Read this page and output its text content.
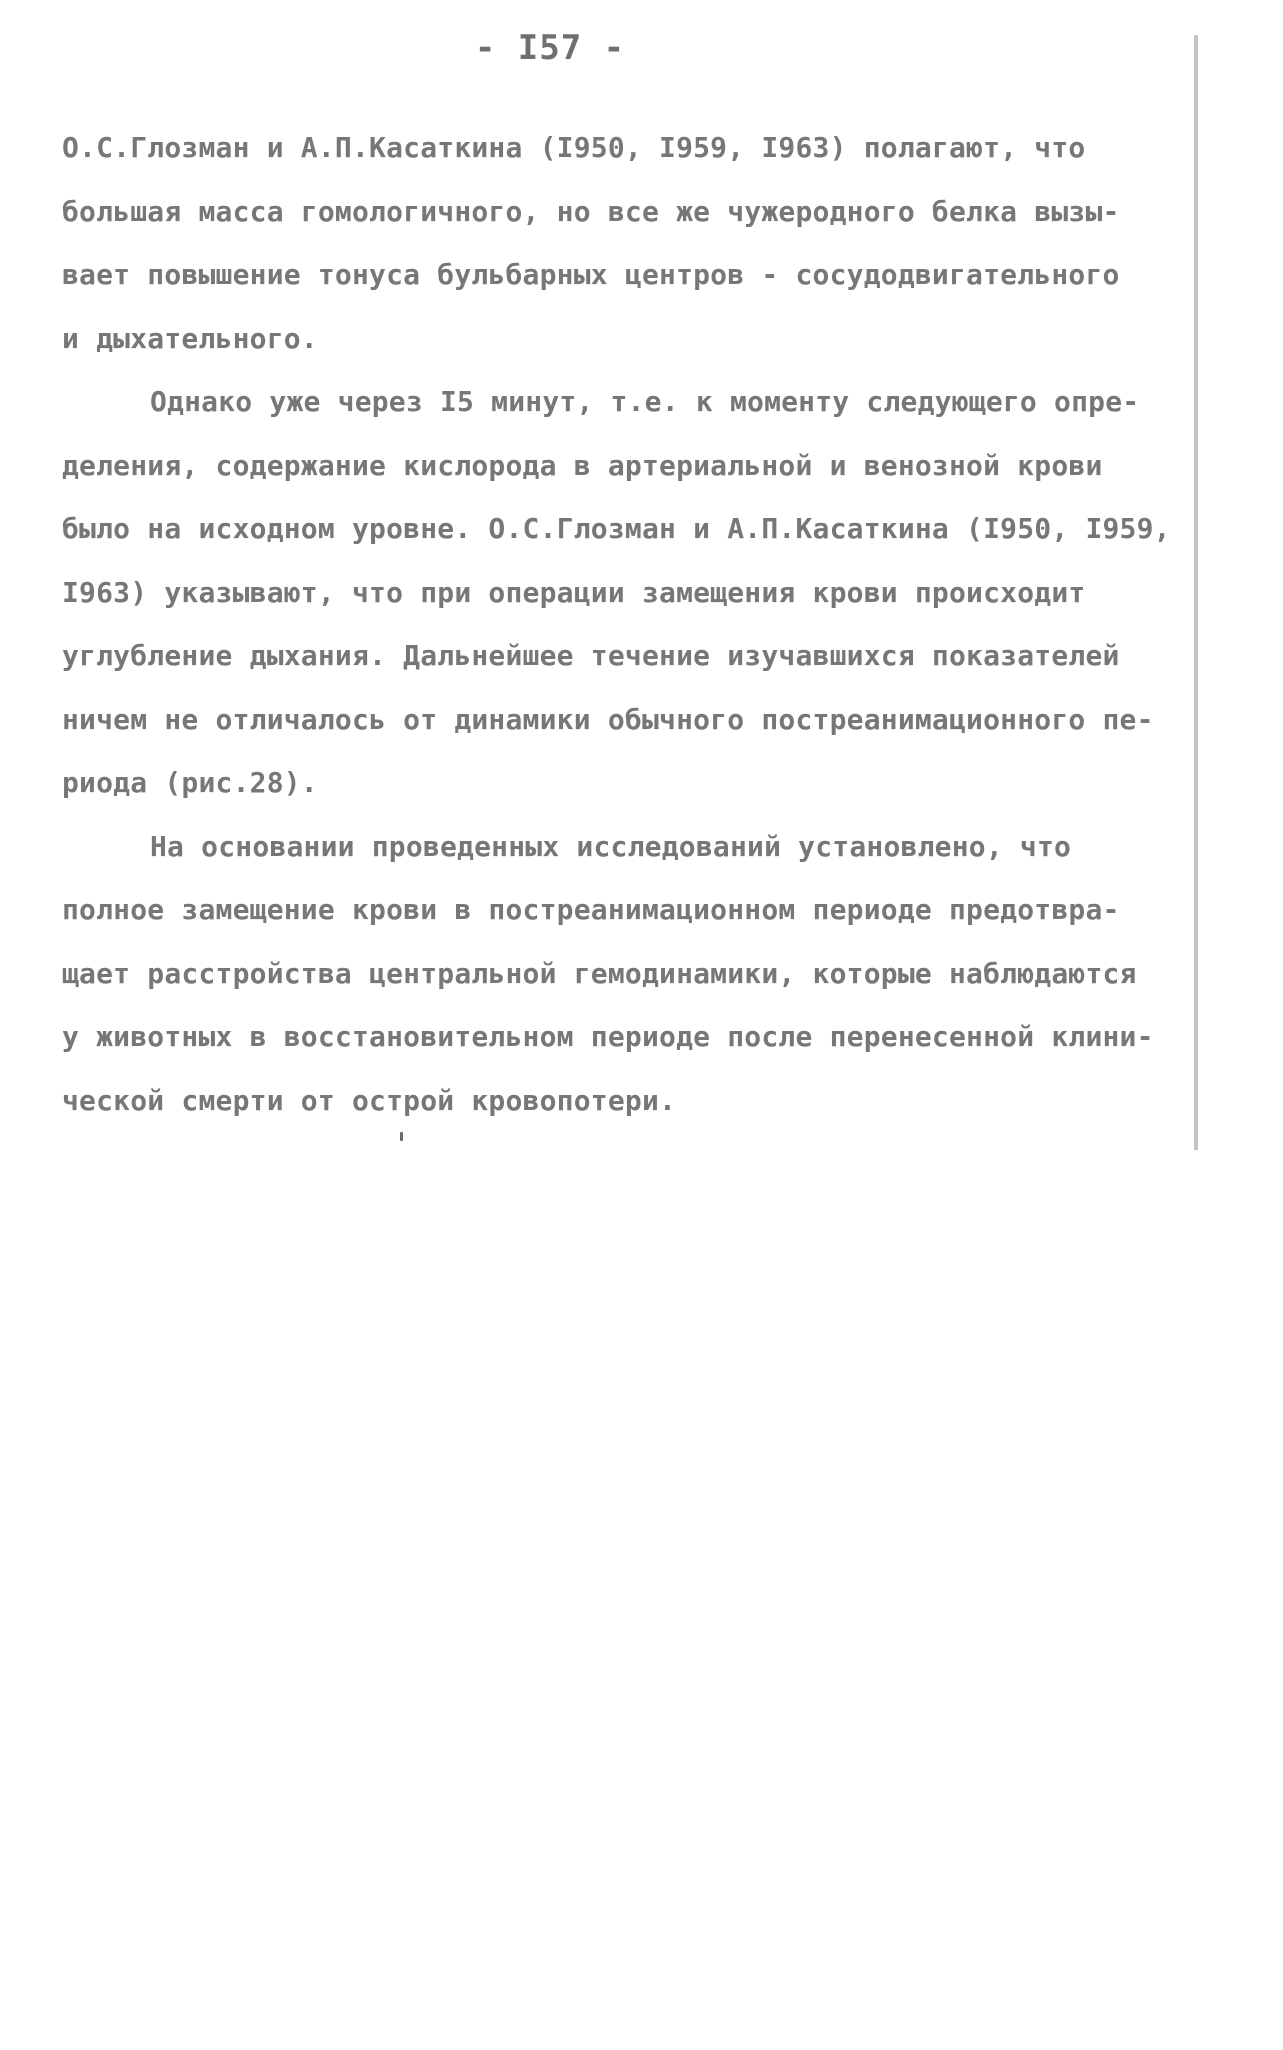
- I57 -
О.С.Глозман и А.П.Касаткина (I950, I959, I963) полагают, что
большая масса гомологичного, но все же чужеродного белка вызы-
вает повышение тонуса бульбарных центров - сосудодвигательного
и дыхательного.
Однако уже через I5 минут, т.е. к моменту следующего опре-
деления, содержание кислорода в артериальной и венозной крови
было на исходном уровне. О.С.Глозман и А.П.Касаткина (I950, I959,
I963) указывают, что при операции замещения крови происходит
углубление дыхания. Дальнейшее течение изучавшихся показателей
ничем не отличалось от динамики обычного постреанимационного пе-
риода (рис.28).
На основании проведенных исследований установлено, что
полное замещение крови в постреанимационном периоде предотвра-
щает расстройства центральной гемодинамики, которые наблюдаются
у животных в восстановительном периоде после перенесенной клини-
ческой смерти от острой кровопотери.
